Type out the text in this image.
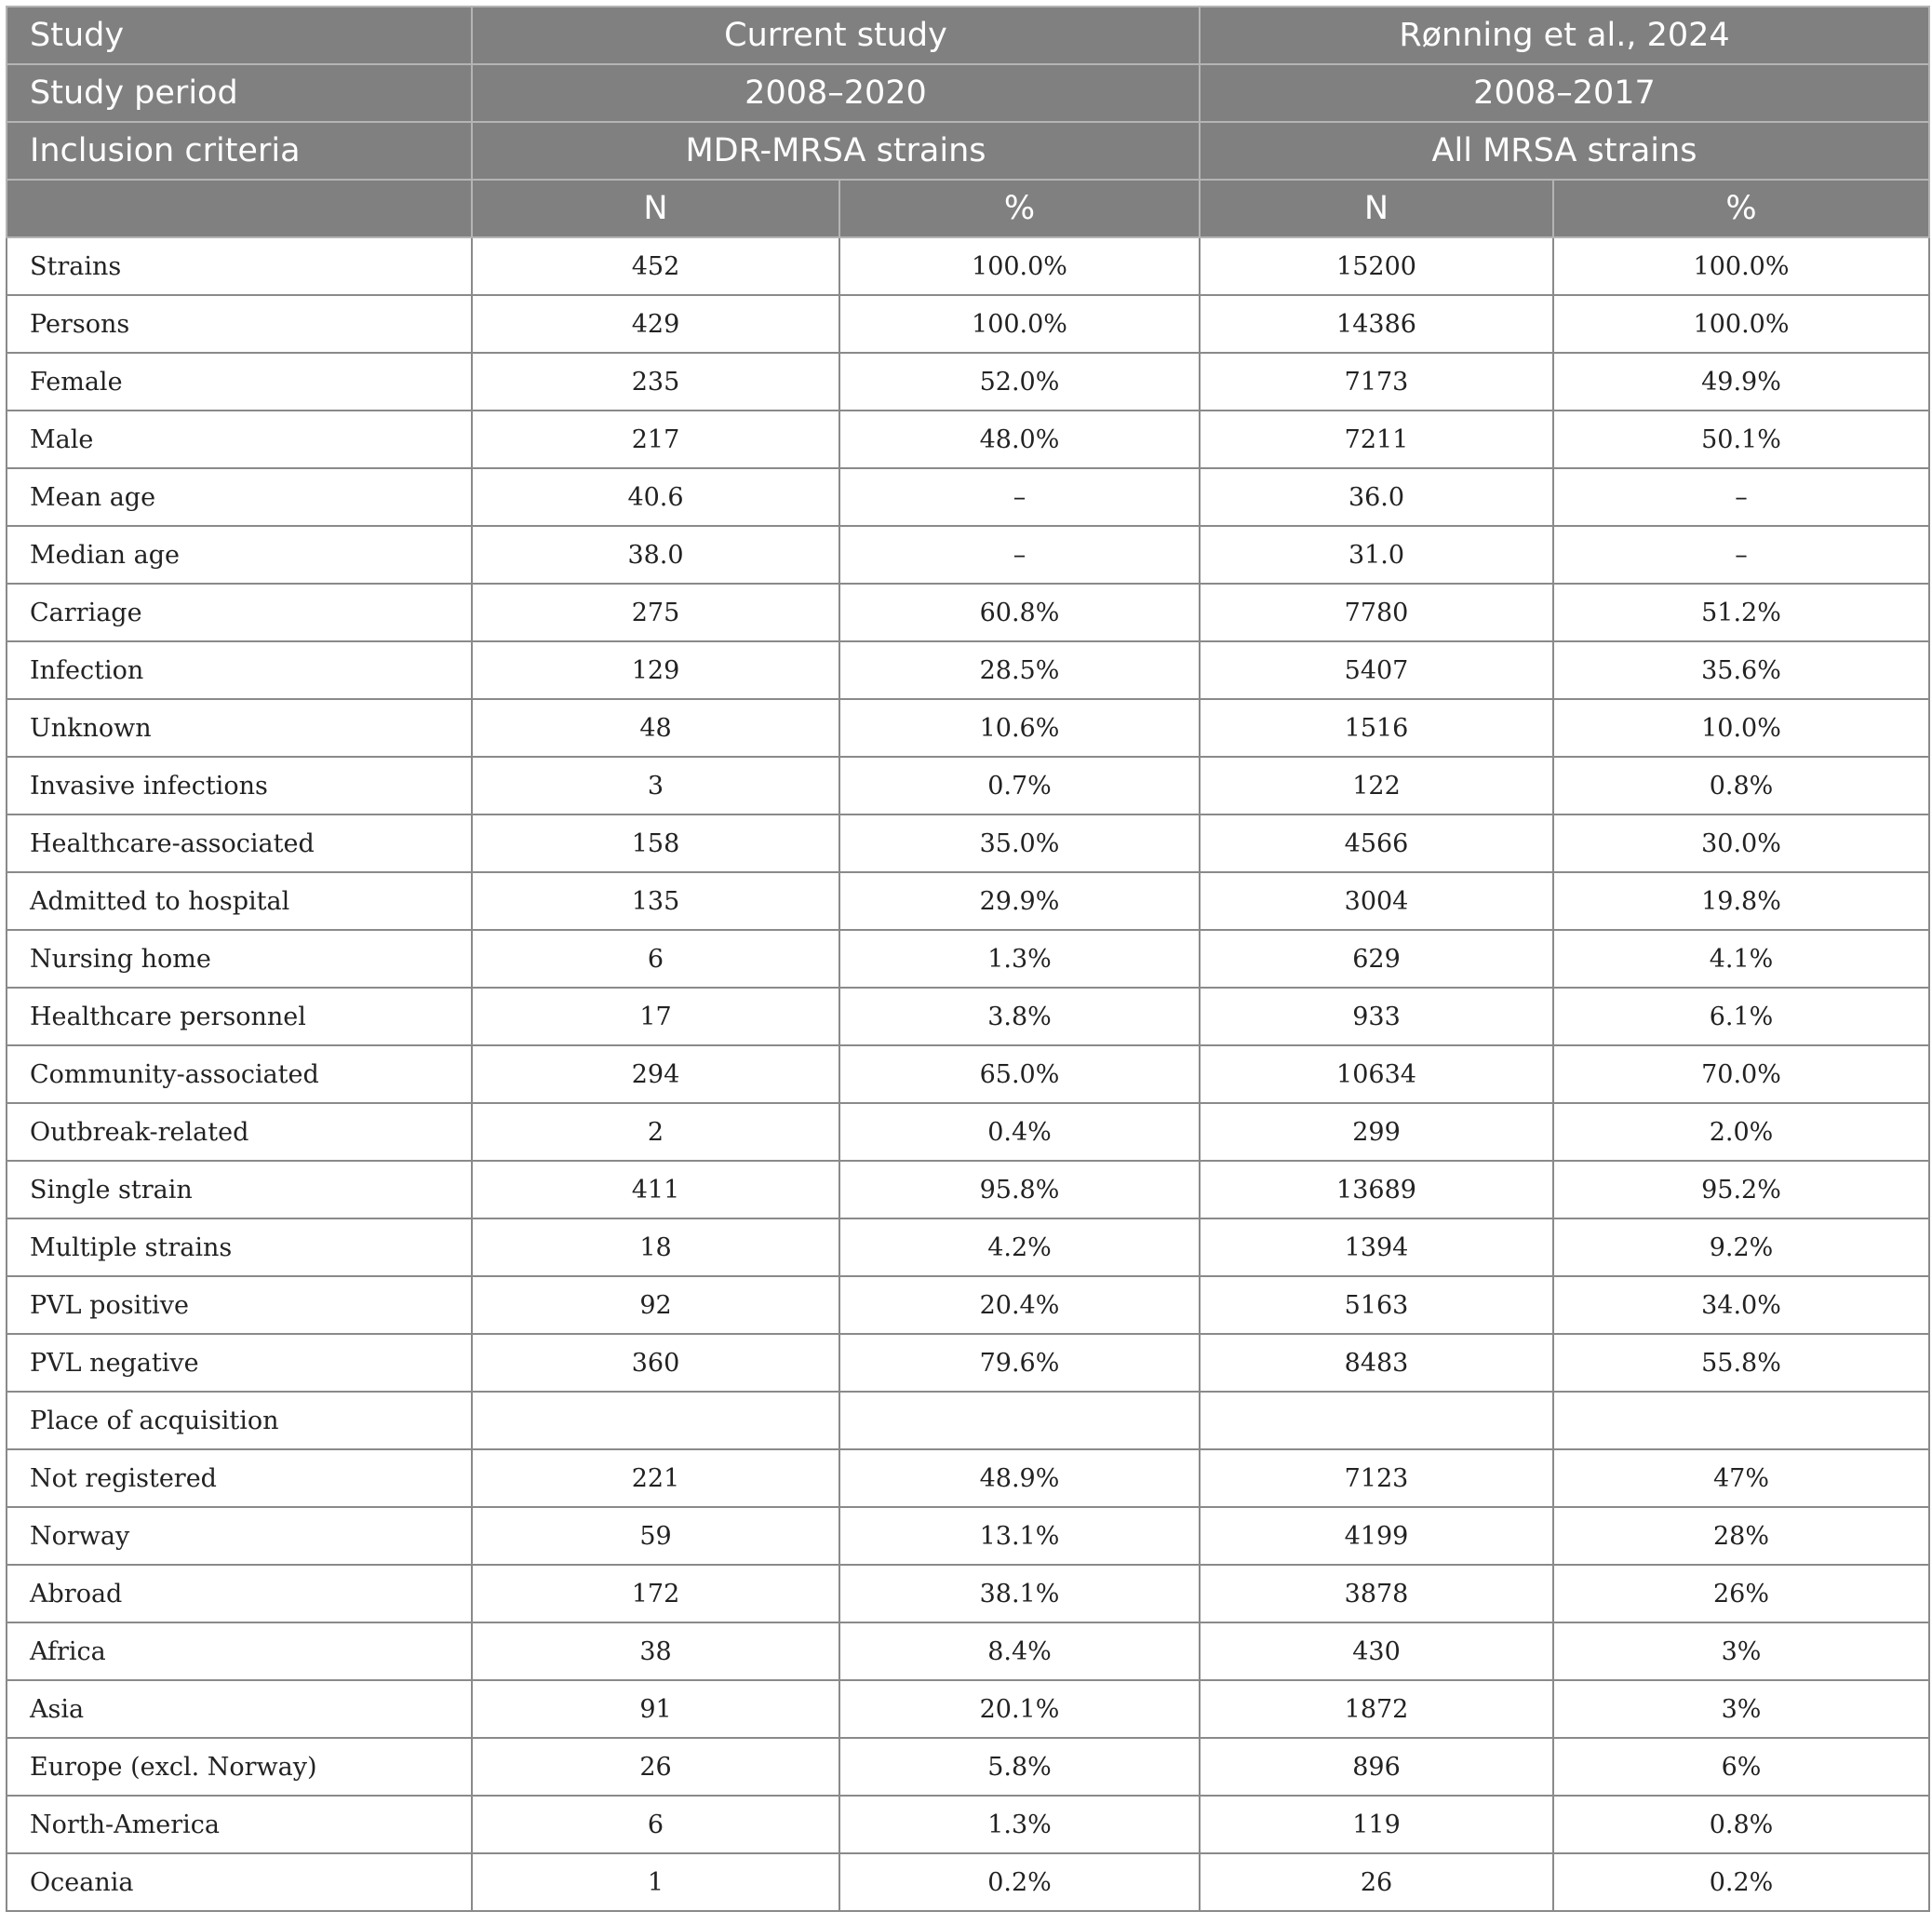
Study	Current study		Rønning et al., 2024	
Study period	2008–2020		2008–2017	
Inclusion criteria	MDR-MRSA strains		All MRSA strains	
	N	%	N	%
Strains	452	100.0%	15200	100.0%
Persons	429	100.0%	14386	100.0%
Female	235	52.0%	7173	49.9%
Male	217	48.0%	7211	50.1%
Mean age	40.6	–	36.0	–
Median age	38.0	–	31.0	–
Carriage	275	60.8%	7780	51.2%
Infection	129	28.5%	5407	35.6%
Unknown	48	10.6%	1516	10.0%
Invasive infections	3	0.7%	122	0.8%
Healthcare-associated	158	35.0%	4566	30.0%
Admitted to hospital	135	29.9%	3004	19.8%
Nursing home	6	1.3%	629	4.1%
Healthcare personnel	17	3.8%	933	6.1%
Community-associated	294	65.0%	10634	70.0%
Outbreak-related	2	0.4%	299	2.0%
Single strain	411	95.8%	13689	95.2%
Multiple strains	18	4.2%	1394	9.2%
PVL positive	92	20.4%	5163	34.0%
PVL negative	360	79.6%	8483	55.8%
Place of acquisition				
Not registered	221	48.9%	7123	47%
Norway	59	13.1%	4199	28%
Abroad	172	38.1%	3878	26%
Africa	38	8.4%	430	3%
Asia	91	20.1%	1872	3%
Europe (excl. Norway)	26	5.8%	896	6%
North-America	6	1.3%	119	0.8%
Oceania	1	0.2%	26	0.2%
